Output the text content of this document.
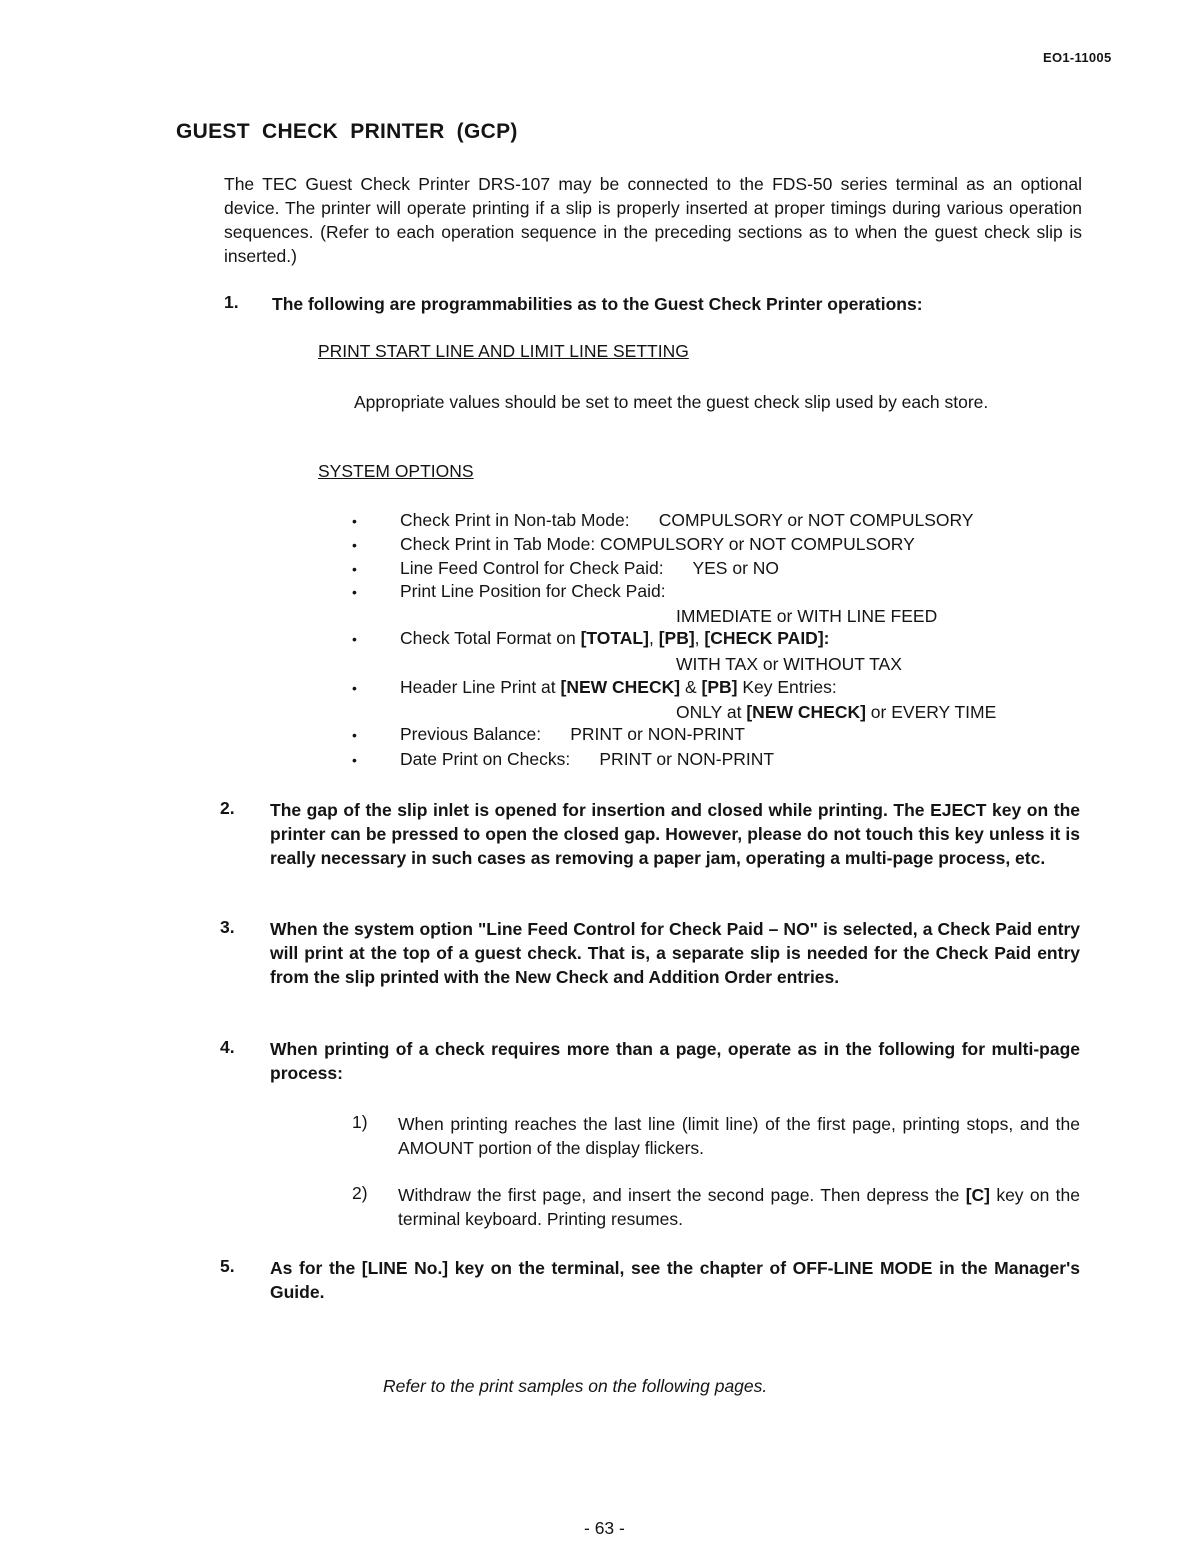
EO1-11005
GUEST CHECK PRINTER (GCP)

The TEC Guest Check Printer DRS-107 may be connected to the FDS-50 series terminal as an optional device. The printer will operate printing if a slip is properly inserted at proper timings during various operation sequences. (Refer to each operation sequence in the preceding sections as to when the guest check slip is inserted.)

1. The following are programmabilities as to the Guest Check Printer operations:
PRINT START LINE AND LIMIT LINE SETTING

Appropriate values should be set to meet the guest check slip used by each store.

SYSTEM OPTIONS
• Check Print in Non-tab Mode:      COMPULSORY or NOT COMPULSORY
• Check Print in Tab Mode: COMPULSORY or NOT COMPULSORY
• Line Feed Control for Check Paid:      YES or NO
• Print Line Position for Check Paid:
IMMEDIATE or WITH LINE FEED
• Check Total Format on [TOTAL], [PB], [CHECK PAID]:
WITH TAX or WITHOUT TAX
• Header Line Print at [NEW CHECK] & [PB] Key Entries:
ONLY at [NEW CHECK] or EVERY TIME
• Previous Balance:      PRINT or NON-PRINT
• Date Print on Checks:      PRINT or NON-PRINT
2. The gap of the slip inlet is opened for insertion and closed while printing. The EJECT key on the printer can be pressed to open the closed gap. However, please do not touch this key unless it is really necessary in such cases as removing a paper jam, operating a multi-page process, etc.
3. When the system option "Line Feed Control for Check Paid – NO" is selected, a Check Paid entry will print at the top of a guest check. That is, a separate slip is needed for the Check Paid entry from the slip printed with the New Check and Addition Order entries.
4. When printing of a check requires more than a page, operate as in the following for multi-page process:
1) When printing reaches the last line (limit line) of the first page, printing stops, and the AMOUNT portion of the display flickers.

2) Withdraw the first page, and insert the second page. Then depress the [C] key on the terminal keyboard. Printing resumes.

5. As for the [LINE No.] key on the terminal, see the chapter of OFF-LINE MODE in the Manager's Guide.
Refer to the print samples on the following pages.
- 63 -
